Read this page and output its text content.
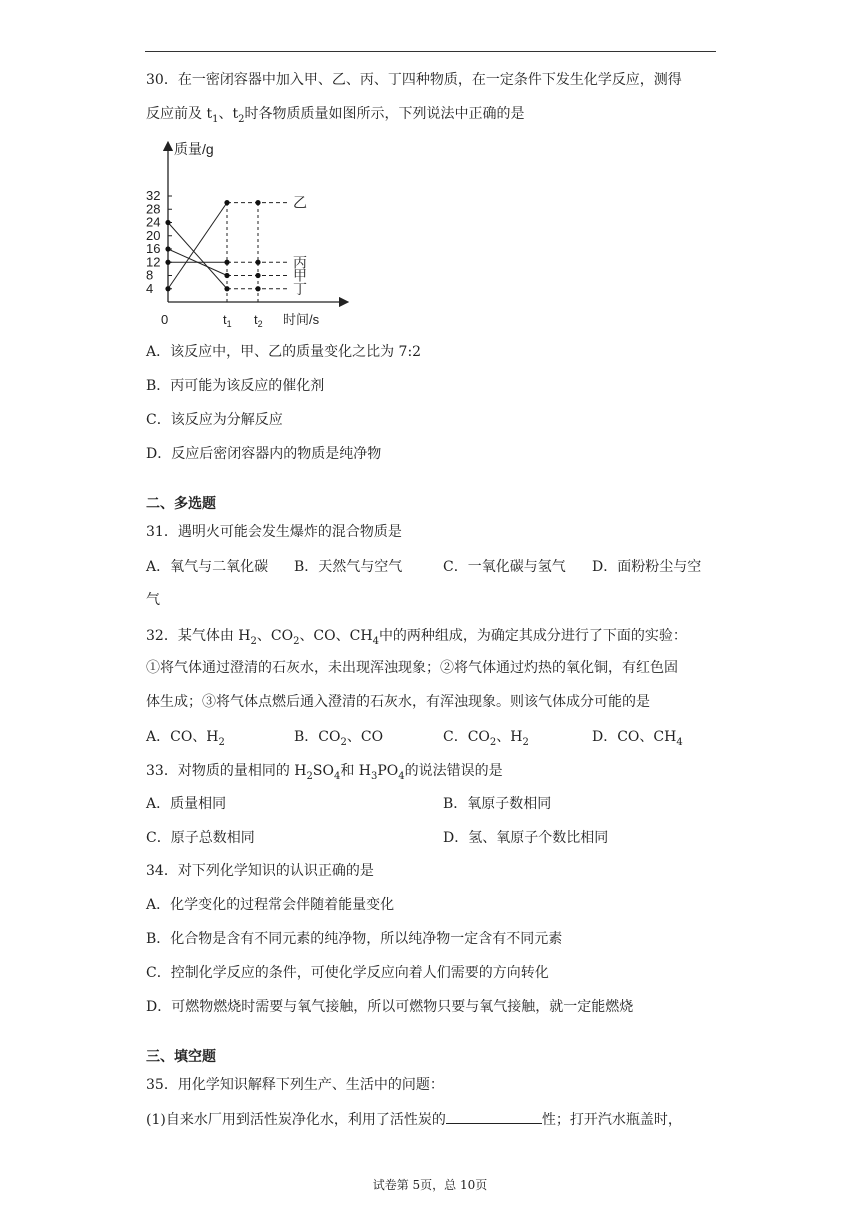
30．在一密闭容器中加入甲、乙、丙、丁四种物质，在一定条件下发生化学反应，测得
反应前及 $t_1$、$t_2$时各物质质量如图所示，下列说法中正确的是
4
8
12
16
20
24
28
32
0	$t_1$ $t_2$
乙
丙
甲
丁
质量/g
时间/s
A．该反应中，甲、乙的质量变化之比为 7:2
B．丙可能为该反应的催化剂
C．该反应为分解反应
D．反应后密闭容器内的物质是纯净物
二、多选题
31．遇明火可能会发生爆炸的混合物质是
A．氧气与二氧化碳 B．天然气与空气	C．一氧化碳与氢气 D．面粉粉尘与空
气
32．某气体由 $H_2$、$CO_2$、CO、$CH_4$中的两种组成，为确定其成分进行了下面的实验：
①将气体通过澄清的石灰水，未出现浑浊现象；②将气体通过灼热的氧化铜，有红色固
体生成；③将气体点燃后通入澄清的石灰水，有浑浊现象。则该气体成分可能的是
A．CO、$H_2$	B．$CO_2$、CO	C．$CO_2$、$H_2$	D．CO、$CH_4$
33．对物质的量相同的 $H_2SO_4$和 $H_3PO_4$的说法错误的是
A．质量相同	B．氧原子数相同
C．原子总数相同	D．氢、氧原子个数比相同
34．对下列化学知识的认识正确的是
A．化学变化的过程常会伴随着能量变化
B．化合物是含有不同元素的纯净物，所以纯净物一定含有不同元素
C．控制化学反应的条件，可使化学反应向着人们需要的方向转化
D．可燃物燃烧时需要与氧气接触，所以可燃物只要与氧气接触，就一定能燃烧
三、填空题
35．用化学知识解释下列生产、生活中的问题：
(1)自来水厂用到活性炭净化水，利用了活性炭的	性；打开汽水瓶盖时，
试卷第 5页，总 10页
